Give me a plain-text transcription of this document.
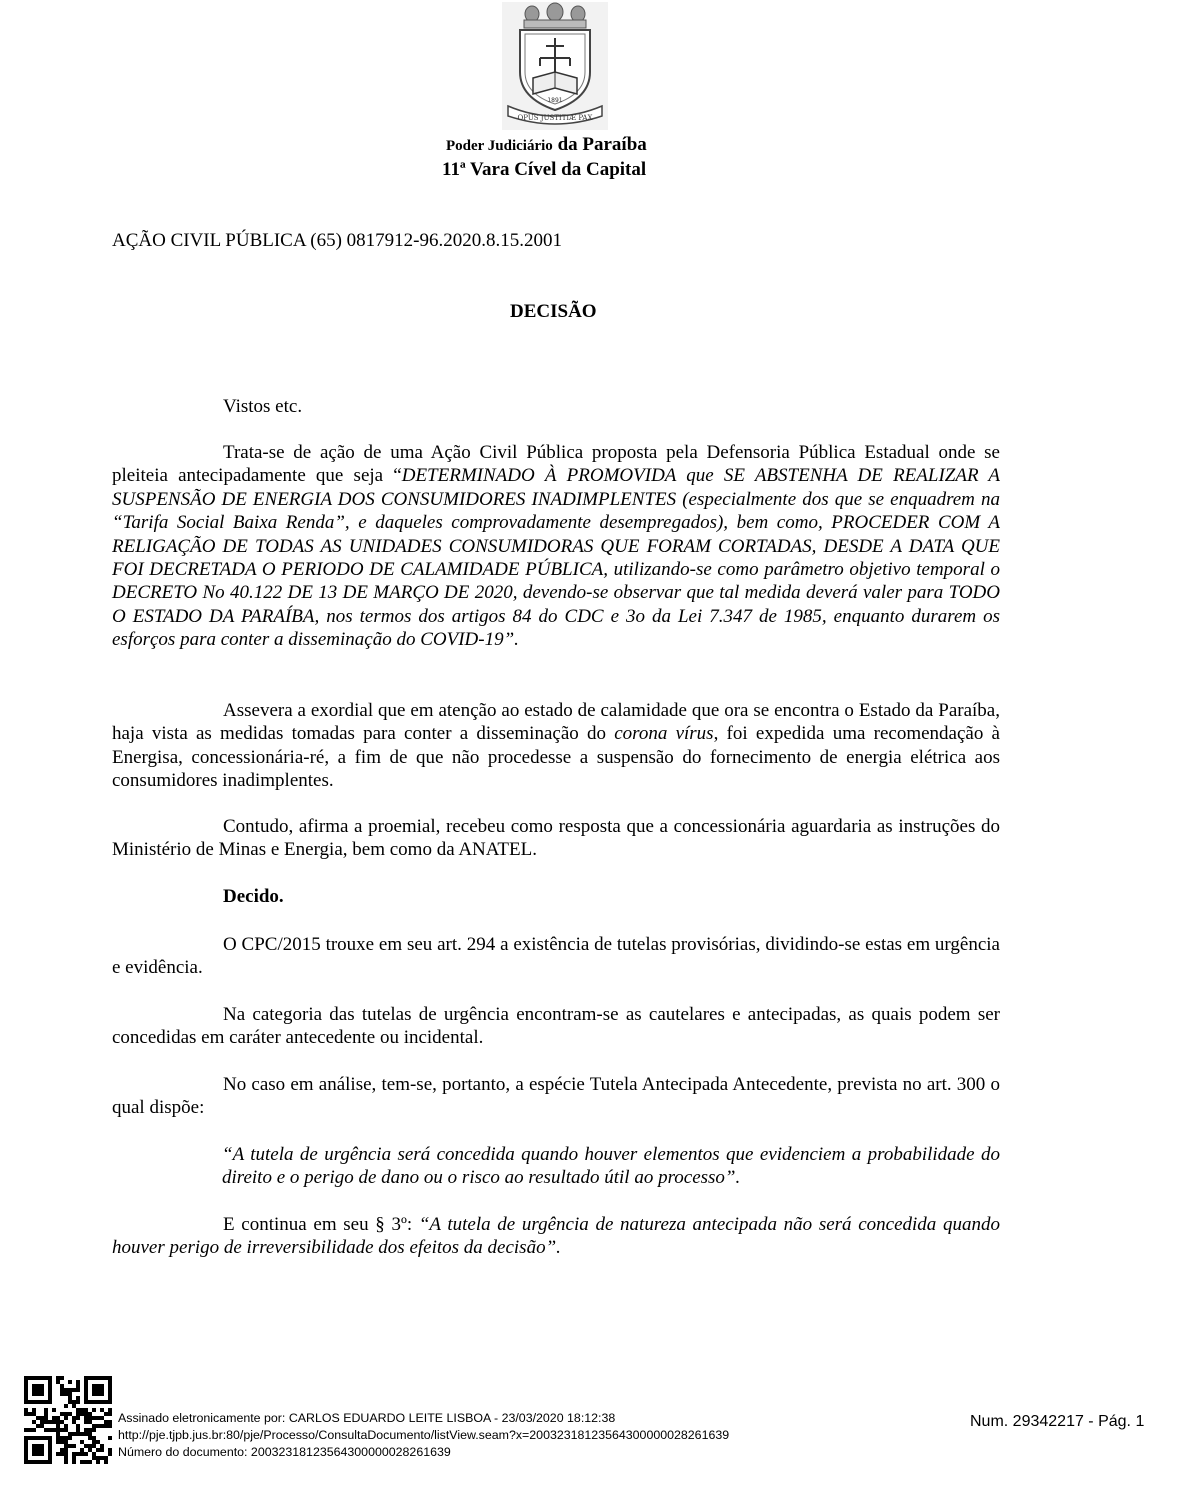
1891
OPUS JUSTITIÆ PAX
Poder Judiciário da Paraíba
11ª Vara Cível da Capital
AÇÃO CIVIL PÚBLICA (65) 0817912-96.2020.8.15.2001
DECISÃO

Vistos etc.

Trata-se de ação de uma Ação Civil Pública proposta pela Defensoria Pública Estadual onde se pleiteia antecipadamente que seja “DETERMINADO À PROMOVIDA que SE ABSTENHA DE REALIZAR A SUSPENSÃO DE ENERGIA DOS CONSUMIDORES INADIMPLENTES (especialmente dos que se enquadrem na “Tarifa Social Baixa Renda”, e daqueles comprovadamente desempregados), bem como, PROCEDER COM A RELIGAÇÃO DE TODAS AS UNIDADES CONSUMIDORAS QUE FORAM CORTADAS, DESDE A DATA QUE FOI DECRETADA O PERIODO DE CALAMIDADE PÚBLICA, utilizando-se como parâmetro objetivo temporal o DECRETO No 40.122 DE 13 DE MARÇO DE 2020, devendo-se observar que tal medida deverá valer para TODO O ESTADO DA PARAÍBA, nos termos dos artigos 84 do CDC e 3o da Lei 7.347 de 1985, enquanto durarem os esforços para conter a disseminação do COVID-19”.

Assevera a exordial que em atenção ao estado de calamidade que ora se encontra o Estado da Paraíba, haja vista as medidas tomadas para conter a disseminação do corona vírus, foi expedida uma recomendação à Energisa, concessionária-ré, a fim de que não procedesse a suspensão do fornecimento de energia elétrica aos consumidores inadimplentes.

Contudo, afirma a proemial, recebeu como resposta que a concessionária aguardaria as instruções do Ministério de Minas e Energia, bem como da ANATEL.

Decido.

O CPC/2015 trouxe em seu art. 294 a existência de tutelas provisórias, dividindo-se estas em urgência e evidência.

Na categoria das tutelas de urgência encontram-se as cautelares e antecipadas, as quais podem ser concedidas em caráter antecedente ou incidental.

No caso em análise, tem-se, portanto, a espécie Tutela Antecipada Antecedente, prevista no art. 300 o qual dispõe:

“A tutela de urgência será concedida quando houver elementos que evidenciem a probabilidade do direito e o perigo de dano ou o risco ao resultado útil ao processo”.

E continua em seu § 3º: “A tutela de urgência de natureza antecipada não será concedida quando houver perigo de irreversibilidade dos efeitos da decisão”.

Assinado eletronicamente por: CARLOS EDUARDO LEITE LISBOA - 23/03/2020 18:12:38
http://pje.tjpb.jus.br:80/pje/Processo/ConsultaDocumento/listView.seam?x=20032318123564300000028261639
Número do documento: 20032318123564300000028261639
Num. 29342217 - Pág. 1
